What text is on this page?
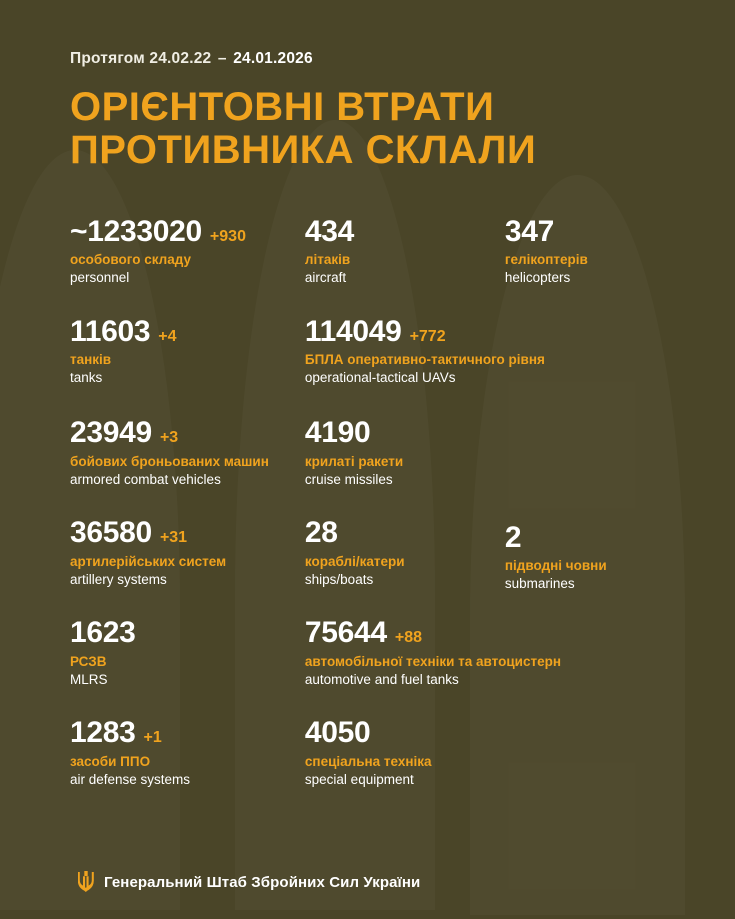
Протягом 24.02.22 – 24.01.2026
ОРІЄНТОВНІ ВТРАТИ
ПРОТИВНИКА СКЛАЛИ
~1233020 +930
особового складу
personnel
11603 +4
танків
tanks
23949 +3
бойових броньованих машин
armored combat vehicles
36580 +31
артилерійських систем
artillery systems
1623
РСЗВ
MLRS
1283 +1
засоби ППО
air defense systems
434
літаків
aircraft
114049 +772
БПЛА оперативно-тактичного рівня
operational-tactical UAVs
4190
крилаті ракети
cruise missiles
28
кораблі/катери
ships/boats
75644 +88
автомобільної техніки та автоцистерн
automotive and fuel tanks
4050
спеціальна техніка
special equipment
347
гелікоптерів
helicopters
2
підводні човни
submarines
Генеральний Штаб Збройних Сил України
